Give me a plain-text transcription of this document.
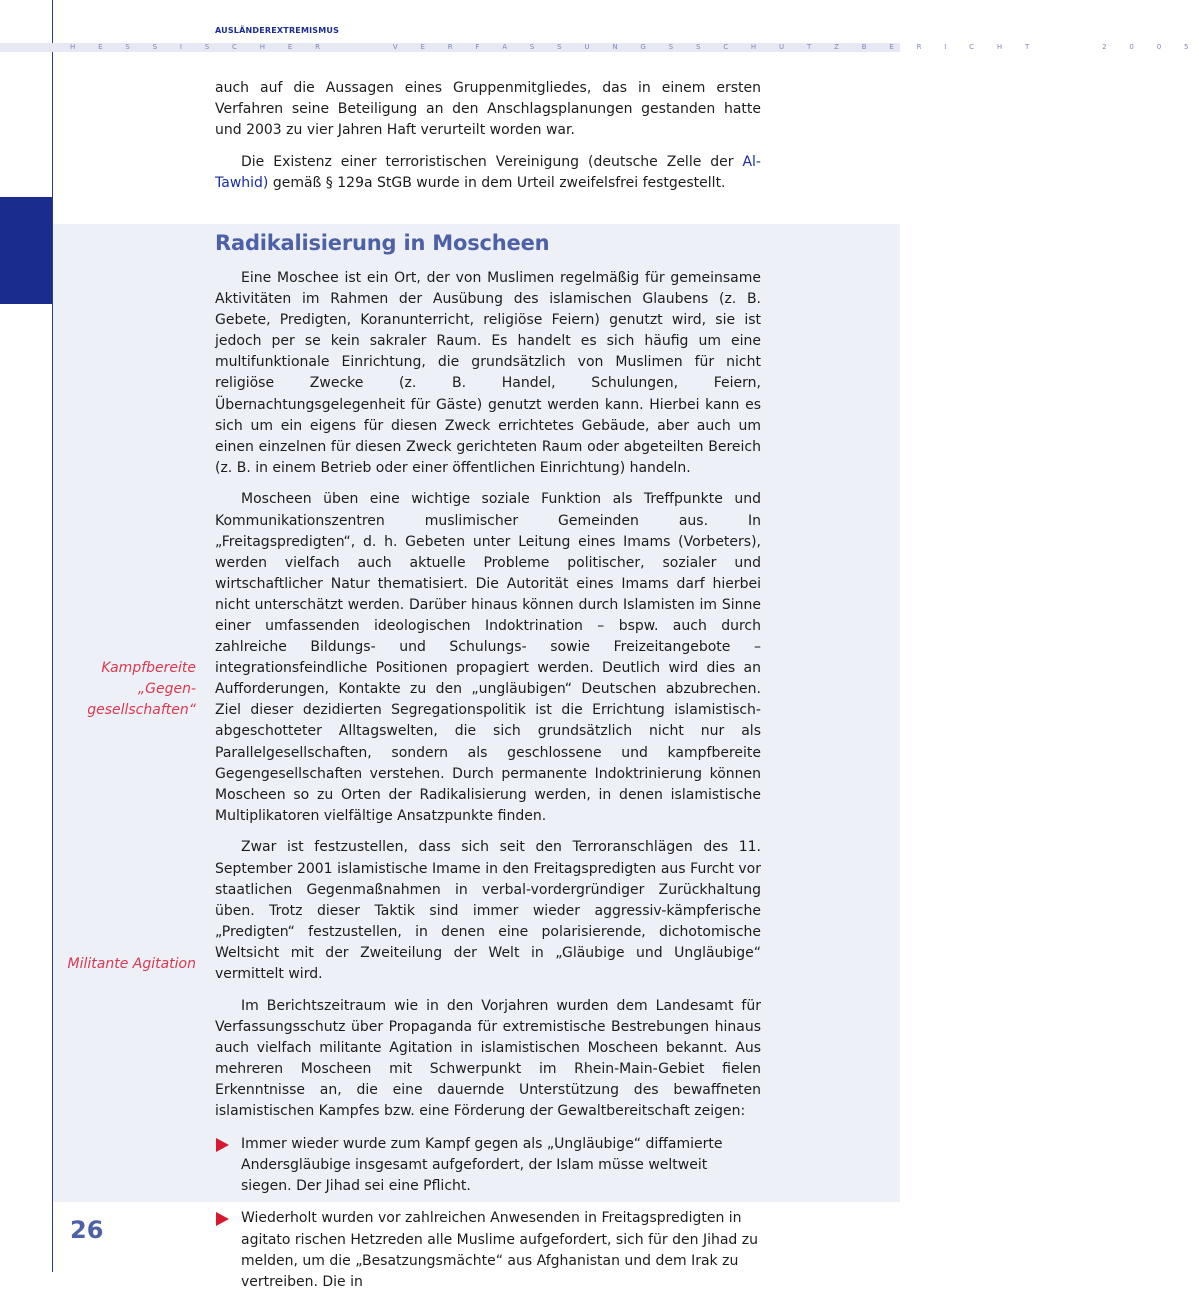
AUSLÄNDEREXTREMISMUS
H E S S I S C H E R     V E R F A S S U N G S S C H U T Z B E R I C H T     2 0 0 5

auch auf die Aussagen eines Gruppenmitgliedes, das in einem ersten Verfahren seine Beteiligung an den Anschlagsplanungen gestanden hatte und 2003 zu vier Jahren Haft verurteilt worden war.

Die Existenz einer terroristischen Vereinigung (deutsche Zelle der Al-Tawhid) gemäß § 129a StGB wurde in dem Urteil zweifelsfrei festgestellt.

Radikalisierung in Moscheen

Eine Moschee ist ein Ort, der von Muslimen regelmäßig für gemeinsame Aktivitäten im Rahmen der Ausübung des islamischen Glaubens (z. B. Gebete, Predigten, Koranunterricht, religiöse Feiern) genutzt wird, sie ist jedoch per se kein sakraler Raum. Es handelt es sich häufig um eine multifunktionale Einrichtung, die grundsätzlich von Muslimen für nicht religiöse Zwecke (z. B. Handel, Schulungen, Feiern, Übernachtungsgelegenheit für Gäste) genutzt werden kann. Hierbei kann es sich um ein eigens für diesen Zweck errichtetes Gebäude, aber auch um einen einzelnen für diesen Zweck gerichteten Raum oder abgeteilten Bereich (z. B. in einem Betrieb oder einer öffentlichen Einrichtung) handeln.

Moscheen üben eine wichtige soziale Funktion als Treffpunkte und Kommunikationszentren muslimischer Gemeinden aus. In „Freitagspredigten“, d. h. Gebeten unter Leitung eines Imams (Vorbeters), werden vielfach auch aktuelle Probleme politischer, sozialer und wirtschaftlicher Natur thematisiert. Die Autorität eines Imams darf hierbei nicht unterschätzt werden. Darüber hinaus können durch Islamisten im Sinne einer umfassenden ideologischen Indoktrination – bspw. auch durch zahlreiche Bildungs- und Schulungs- sowie Freizeitangebote – integrationsfeindliche Positionen propagiert werden. Deutlich wird dies an Aufforderungen, Kontakte zu den „ungläubigen“ Deutschen abzubrechen. Ziel dieser dezidierten Segregationspolitik ist die Errichtung islamistisch-abgeschotteter Alltagswelten, die sich grundsätzlich nicht nur als Parallelgesellschaften, sondern als geschlossene und kampfbereite Gegengesellschaften verstehen. Durch permanente Indoktrinierung können Moscheen so zu Orten der Radikalisierung werden, in denen islamistische Multiplikatoren vielfältige Ansatzpunkte finden.

Zwar ist festzustellen, dass sich seit den Terroranschlägen des 11. September 2001 islamistische Imame in den Freitagspredigten aus Furcht vor staatlichen Gegenmaßnahmen in verbal-vordergründiger Zurückhaltung üben. Trotz dieser Taktik sind immer wieder aggressiv-kämpferische „Predigten“ festzustellen, in denen eine polarisierende, dichotomische Weltsicht mit der Zweiteilung der Welt in „Gläubige und Ungläubige“ vermittelt wird.

Im Berichtszeitraum wie in den Vorjahren wurden dem Landesamt für Verfassungsschutz über Propaganda für extremistische Bestrebungen hinaus auch vielfach militante Agitation in islamistischen Moscheen bekannt. Aus mehreren Moscheen mit Schwerpunkt im Rhein-Main-Gebiet fielen Erkenntnisse an, die eine dauernde Unterstützung des bewaffneten islamistischen Kampfes bzw. eine Förderung der Gewaltbereitschaft zeigen:

Immer wieder wurde zum Kampf gegen als „Ungläubige“ diffamierte Andersgläubige insgesamt aufgefordert, der Islam müsse weltweit siegen. Der Jihad sei eine Pflicht.
Wiederholt wurden vor zahlreichen Anwesenden in Freitagspredigten in agitato rischen Hetzreden alle Muslime aufgefordert, sich für den Jihad zu melden, um die „Besatzungsmächte“ aus Afghanistan und dem Irak zu vertreiben. Die in
Kampfbereite
„Gegen-
gesellschaften“
Militante Agitation
26
